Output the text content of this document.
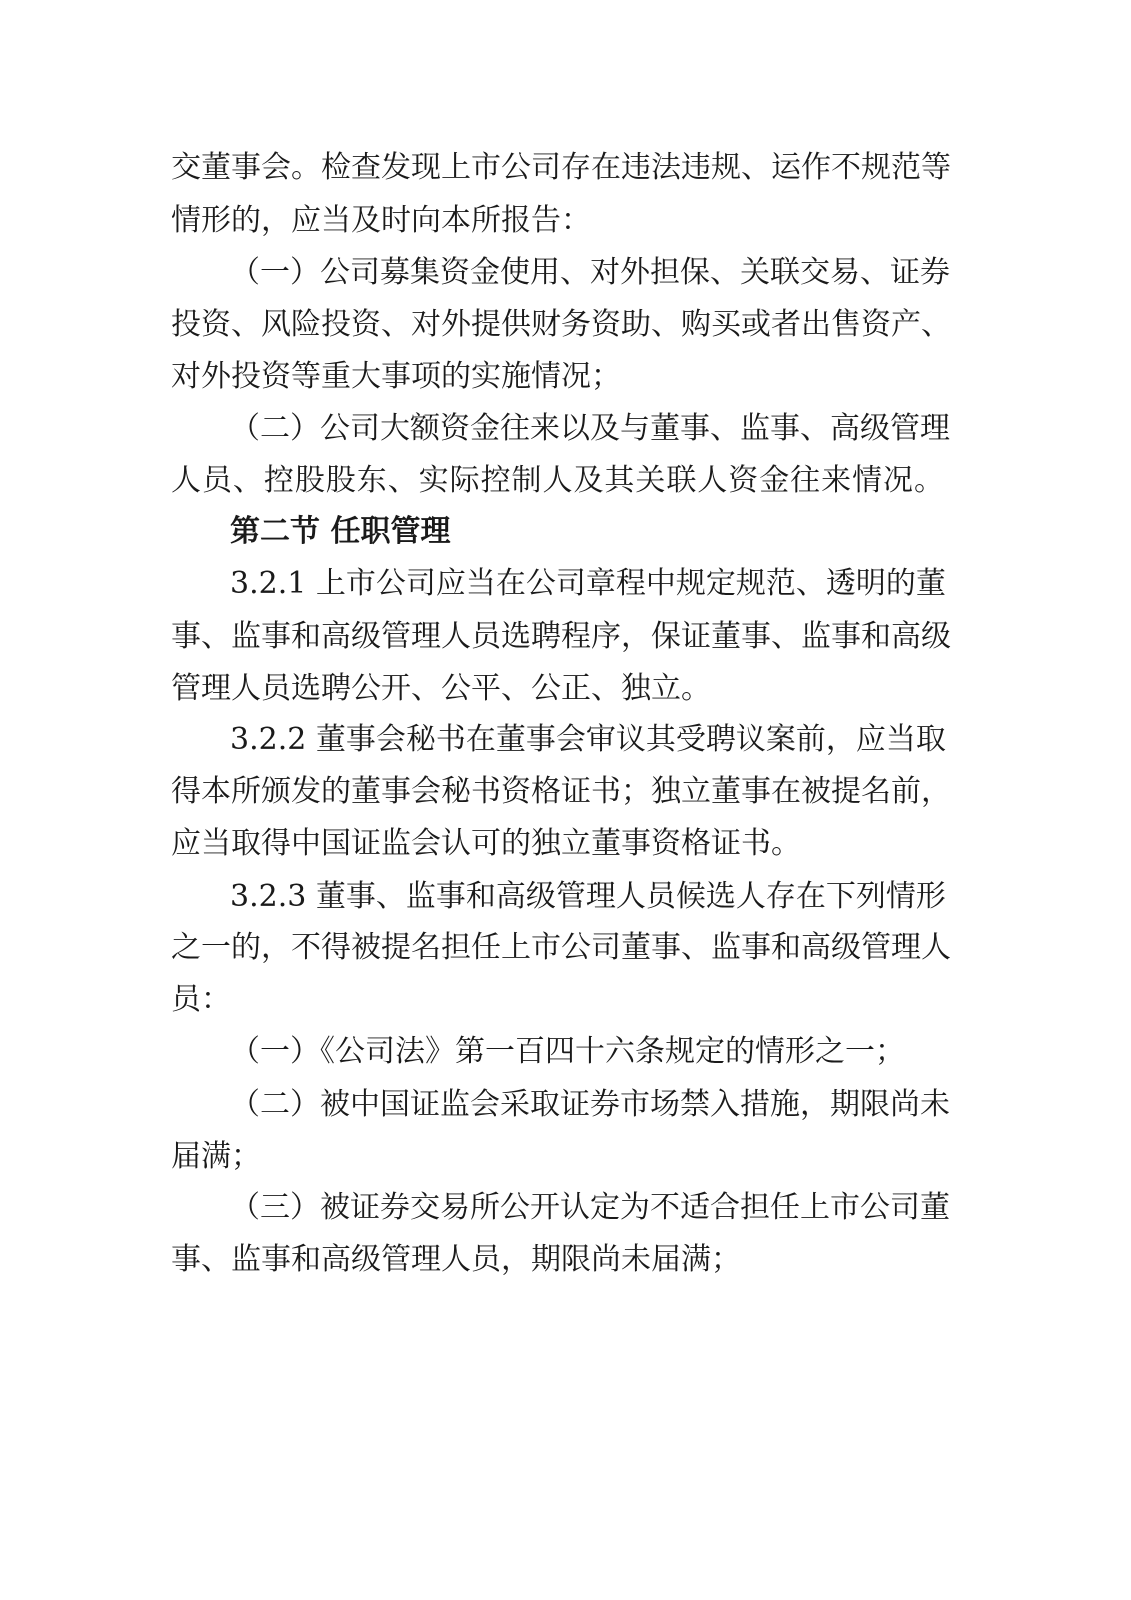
交董事会。检查发现上市公司存在违法违规、运作不规范等

情形的，应当及时向本所报告：

（一）公司募集资金使用、对外担保、关联交易、证券

投资、风险投资、对外提供财务资助、购买或者出售资产、

对外投资等重大事项的实施情况；

（二）公司大额资金往来以及与董事、监事、高级管理

人员、控股股东、实际控制人及其关联人资金往来情况。

第二节 任职管理

3.2.1 上市公司应当在公司章程中规定规范、透明的董

事、监事和高级管理人员选聘程序，保证董事、监事和高级

管理人员选聘公开、公平、公正、独立。

3.2.2 董事会秘书在董事会审议其受聘议案前，应当取

得本所颁发的董事会秘书资格证书；独立董事在被提名前，

应当取得中国证监会认可的独立董事资格证书。

3.2.3 董事、监事和高级管理人员候选人存在下列情形

之一的，不得被提名担任上市公司董事、监事和高级管理人

员：

（一）《公司法》第一百四十六条规定的情形之一；

（二）被中国证监会采取证券市场禁入措施，期限尚未

届满；

（三）被证券交易所公开认定为不适合担任上市公司董

事、监事和高级管理人员，期限尚未届满；
